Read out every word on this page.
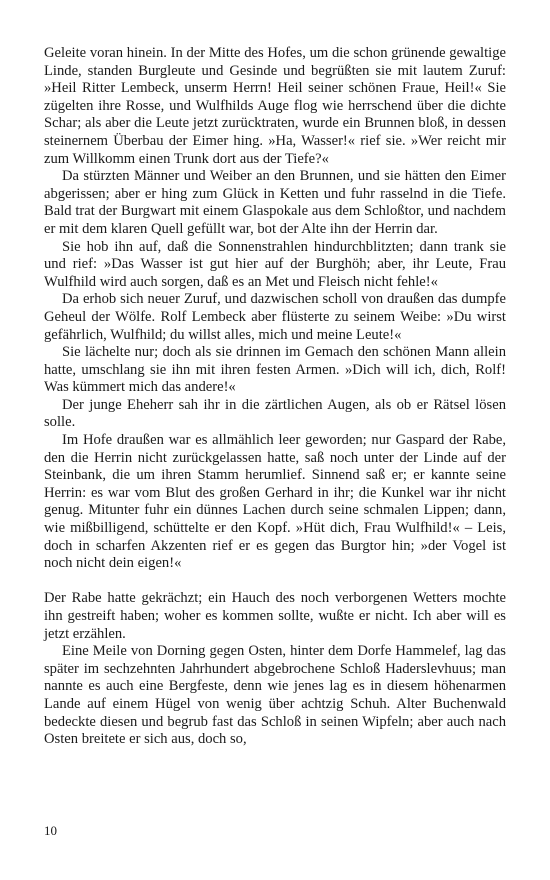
Geleite voran hinein. In der Mitte des Hofes, um die schon grünende gewaltige Linde, standen Burgleute und Gesinde und begrüßten sie mit lautem Zuruf: »Heil Ritter Lembeck, unserm Herrn! Heil seiner schönen Fraue, Heil!« Sie zügelten ihre Rosse, und Wulfhilds Auge flog wie herrschend über die dichte Schar; als aber die Leute jetzt zurücktraten, wurde ein Brunnen bloß, in dessen steinernem Überbau der Eimer hing. »Ha, Wasser!« rief sie. »Wer reicht mir zum Willkomm einen Trunk dort aus der Tiefe?«

Da stürzten Männer und Weiber an den Brunnen, und sie hätten den Eimer abgerissen; aber er hing zum Glück in Ketten und fuhr rasselnd in die Tiefe. Bald trat der Burgwart mit einem Glaspokale aus dem Schloßtor, und nachdem er mit dem klaren Quell gefüllt war, bot der Alte ihn der Herrin dar.

Sie hob ihn auf, daß die Sonnenstrahlen hindurchblitzten; dann trank sie und rief: »Das Wasser ist gut hier auf der Burghöh; aber, ihr Leute, Frau Wulfhild wird auch sorgen, daß es an Met und Fleisch nicht fehle!«

Da erhob sich neuer Zuruf, und dazwischen scholl von draußen das dumpfe Geheul der Wölfe. Rolf Lembeck aber flüsterte zu seinem Weibe: »Du wirst gefährlich, Wulfhild; du willst alles, mich und meine Leute!«

Sie lächelte nur; doch als sie drinnen im Gemach den schönen Mann allein hatte, umschlang sie ihn mit ihren festen Armen. »Dich will ich, dich, Rolf! Was kümmert mich das andere!«

Der junge Eheherr sah ihr in die zärtlichen Augen, als ob er Rätsel lösen solle.

Im Hofe draußen war es allmählich leer geworden; nur Gaspard der Rabe, den die Herrin nicht zurückgelassen hatte, saß noch unter der Linde auf der Steinbank, die um ihren Stamm herumlief. Sinnend saß er; er kannte seine Herrin: es war vom Blut des großen Gerhard in ihr; die Kunkel war ihr nicht genug. Mitunter fuhr ein dünnes Lachen durch seine schmalen Lippen; dann, wie mißbilligend, schüttelte er den Kopf. »Hüt dich, Frau Wulfhild!« – Leis, doch in scharfen Akzenten rief er es gegen das Burgtor hin; »der Vogel ist noch nicht dein eigen!«

Der Rabe hatte gekrächzt; ein Hauch des noch verborgenen Wetters mochte ihn gestreift haben; woher es kommen sollte, wußte er nicht. Ich aber will es jetzt erzählen.

Eine Meile von Dorning gegen Osten, hinter dem Dorfe Hammelef, lag das später im sechzehnten Jahrhundert abgebrochene Schloß Haderslevhuus; man nannte es auch eine Bergfeste, denn wie jenes lag es in diesem höhenarmen Lande auf einem Hügel von wenig über achtzig Schuh. Alter Buchenwald bedeckte diesen und begrub fast das Schloß in seinen Wipfeln; aber auch nach Osten breitete er sich aus, doch so,

10
